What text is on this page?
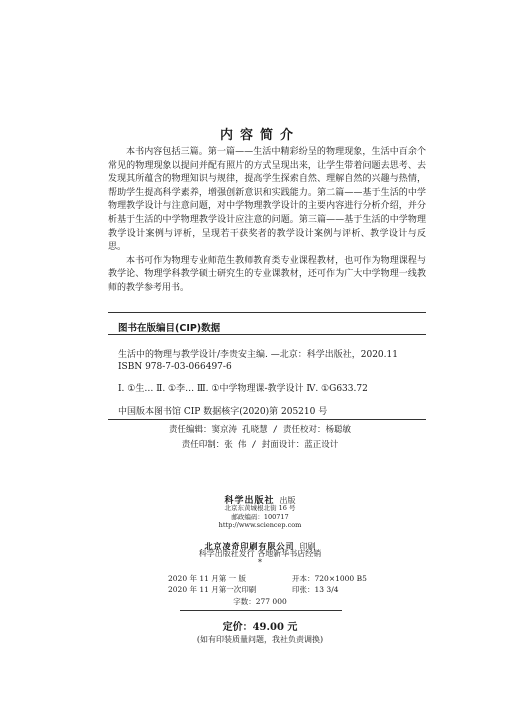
内容简介

本书内容包括三篇。第一篇——生活中精彩纷呈的物理现象，生活中百余个常见的物理现象以提问并配有照片的方式呈现出来，让学生带着问题去思考、去发现其所蕴含的物理知识与规律，提高学生探索自然、理解自然的兴趣与热情，帮助学生提高科学素养，增强创新意识和实践能力。第二篇——基于生活的中学物理教学设计与注意问题，对中学物理教学设计的主要内容进行分析介绍，并分析基于生活的中学物理教学设计应注意的问题。第三篇——基于生活的中学物理教学设计案例与评析，呈现若干获奖者的教学设计案例与评析、教学设计与反思。

本书可作为物理专业师范生教师教育类专业课程教材，也可作为物理课程与教学论、物理学科教学硕士研究生的专业课教材，还可作为广大中学物理一线教师的教学参考用书。

图书在版编目(CIP)数据
生活中的物理与教学设计/李贵安主编. —北京：科学出版社，2020.11
ISBN 978-7-03-066497-6
Ⅰ. ①生… Ⅱ. ①李… Ⅲ. ①中学物理课-教学设计 Ⅳ. ①G633.72
中国版本图书馆 CIP 数据核字(2020)第 205210 号
责任编辑：窦京涛 孔晓慧 / 责任校对：杨聪敏
责任印制：张 伟 / 封面设计：蓝正设计
科学出版社 出版
北京东黄城根北街 16 号
邮政编码：100717
http://www.sciencep.com
北京凌奇印刷有限公司 印刷
科学出版社发行 各地新华书店经销
*
2020 年 11 月第 一 版	开本：720×1000 B5
2020 年 11 月第一次印刷	印张：13 3/4
字数：277 000
定价：49.00 元
(如有印装质量问题，我社负责调换)
